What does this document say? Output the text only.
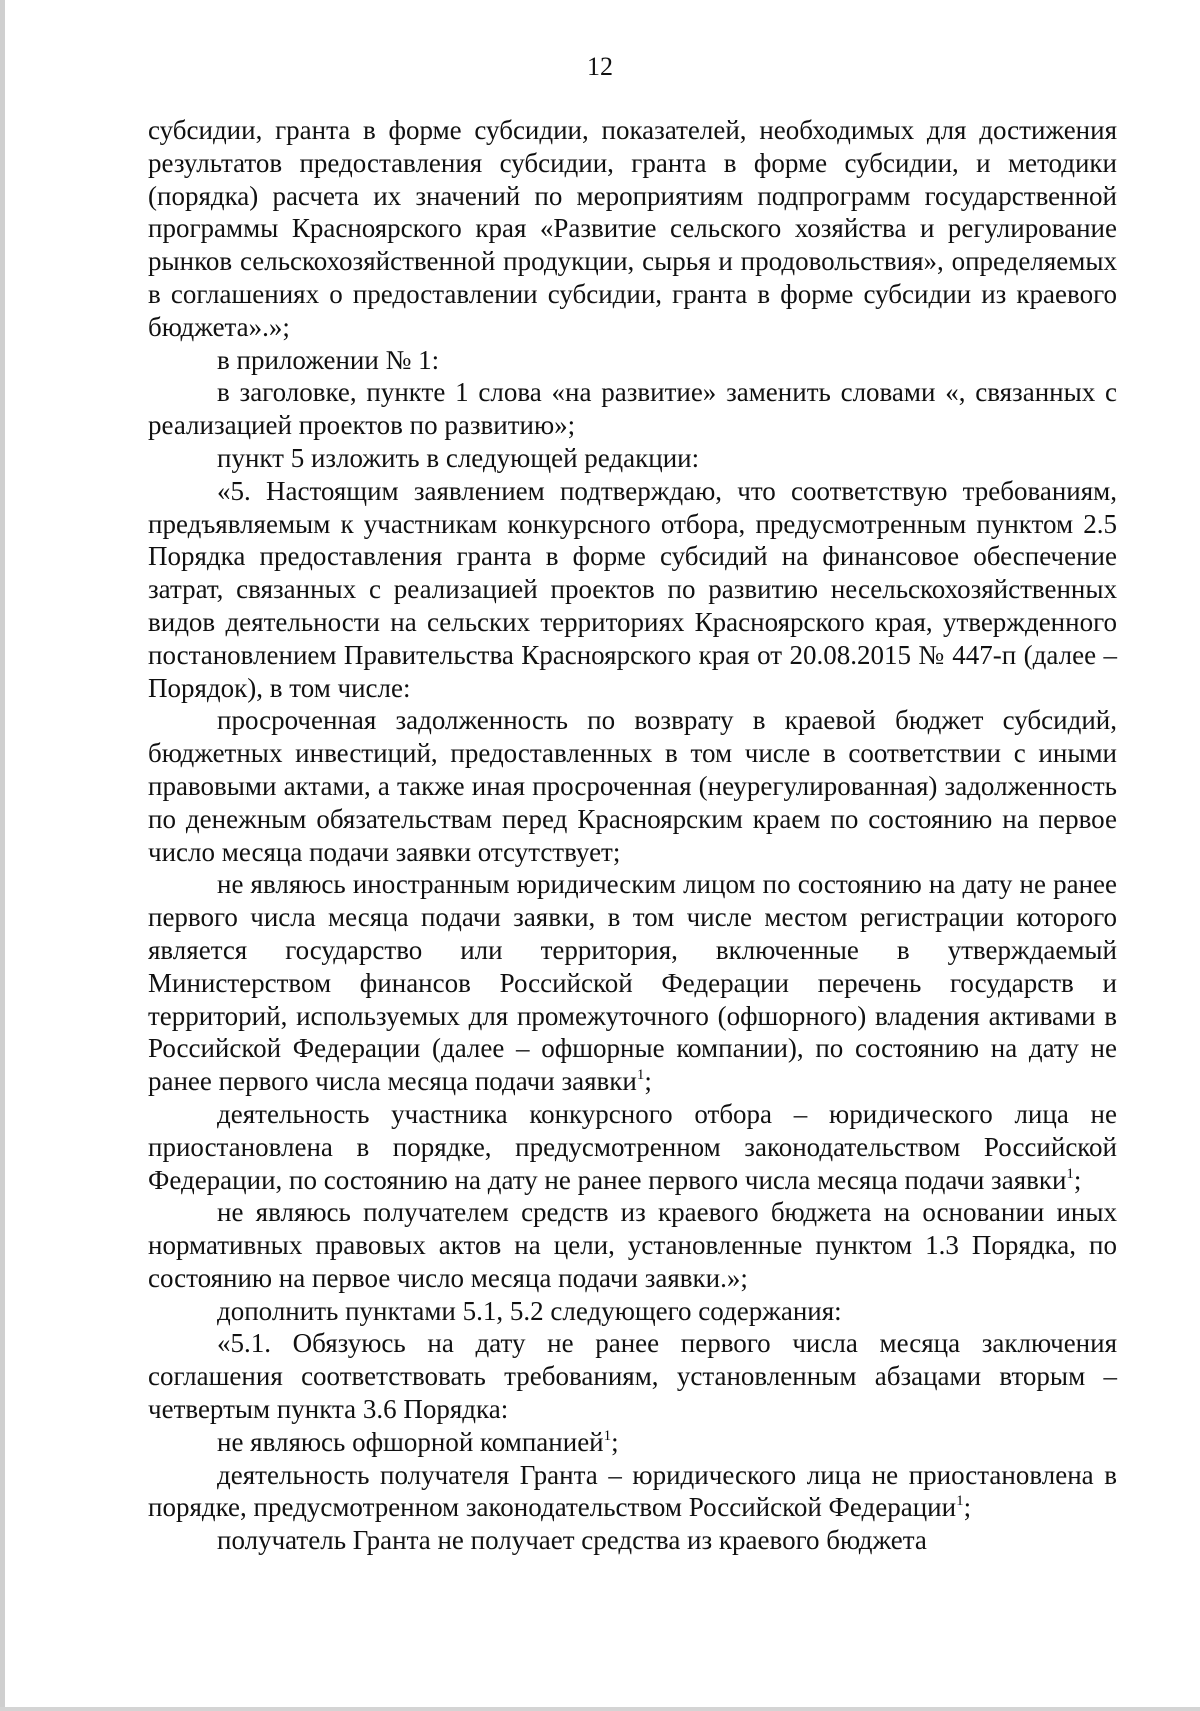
12

субсидии, гранта в форме субсидии, показателей, необходимых для достижения результатов предоставления субсидии, гранта в форме субсидии, и методики (порядка) расчета их значений по мероприятиям подпрограмм государственной программы Красноярского края «Развитие сельского хозяйства и регулирование рынков сельскохозяйственной продукции, сырья и продовольствия», определяемых в соглашениях о предоставлении субсидии, гранта в форме субсидии из краевого бюджета».»;

в приложении № 1:

в заголовке, пункте 1 слова «на развитие» заменить словами «, связанных с реализацией проектов по развитию»;

пункт 5 изложить в следующей редакции:

«5. Настоящим заявлением подтверждаю, что соответствую требованиям, предъявляемым к участникам конкурсного отбора, предусмотренным пунктом 2.5 Порядка предоставления гранта в форме субсидий на финансовое обеспечение затрат, связанных с реализацией проектов по развитию несельскохозяйственных видов деятельности на сельских территориях Красноярского края, утвержденного постановлением Правительства Красноярского края от 20.08.2015 № 447-п (далее – Порядок), в том числе:

просроченная задолженность по возврату в краевой бюджет субсидий, бюджетных инвестиций, предоставленных в том числе в соответствии с иными правовыми актами, а также иная просроченная (неурегулированная) задолженность по денежным обязательствам перед Красноярским краем по состоянию на первое число месяца подачи заявки отсутствует;

не являюсь иностранным юридическим лицом по состоянию на дату не ранее первого числа месяца подачи заявки, в том числе местом регистрации которого является государство или территория, включенные в утверждаемый Министерством финансов Российской Федерации перечень государств и территорий, используемых для промежуточного (офшорного) владения активами в Российской Федерации (далее – офшорные компании), по состоянию на дату не ранее первого числа месяца подачи заявки$^1$;

деятельность участника конкурсного отбора – юридического лица не приостановлена в порядке, предусмотренном законодательством Российской Федерации, по состоянию на дату не ранее первого числа месяца подачи заявки$^1$;

не являюсь получателем средств из краевого бюджета на основании иных нормативных правовых актов на цели, установленные пунктом 1.3 Порядка, по состоянию на первое число месяца подачи заявки.»;

дополнить пунктами 5.1, 5.2 следующего содержания:

«5.1. Обязуюсь на дату не ранее первого числа месяца заключения соглашения соответствовать требованиям, установленным абзацами вторым – четвертым пункта 3.6 Порядка:

не являюсь офшорной компанией$^1$;

деятельность получателя Гранта – юридического лица не приостановлена в порядке, предусмотренном законодательством Российской Федерации$^1$;

получатель Гранта не получает средства из краевого бюджета
